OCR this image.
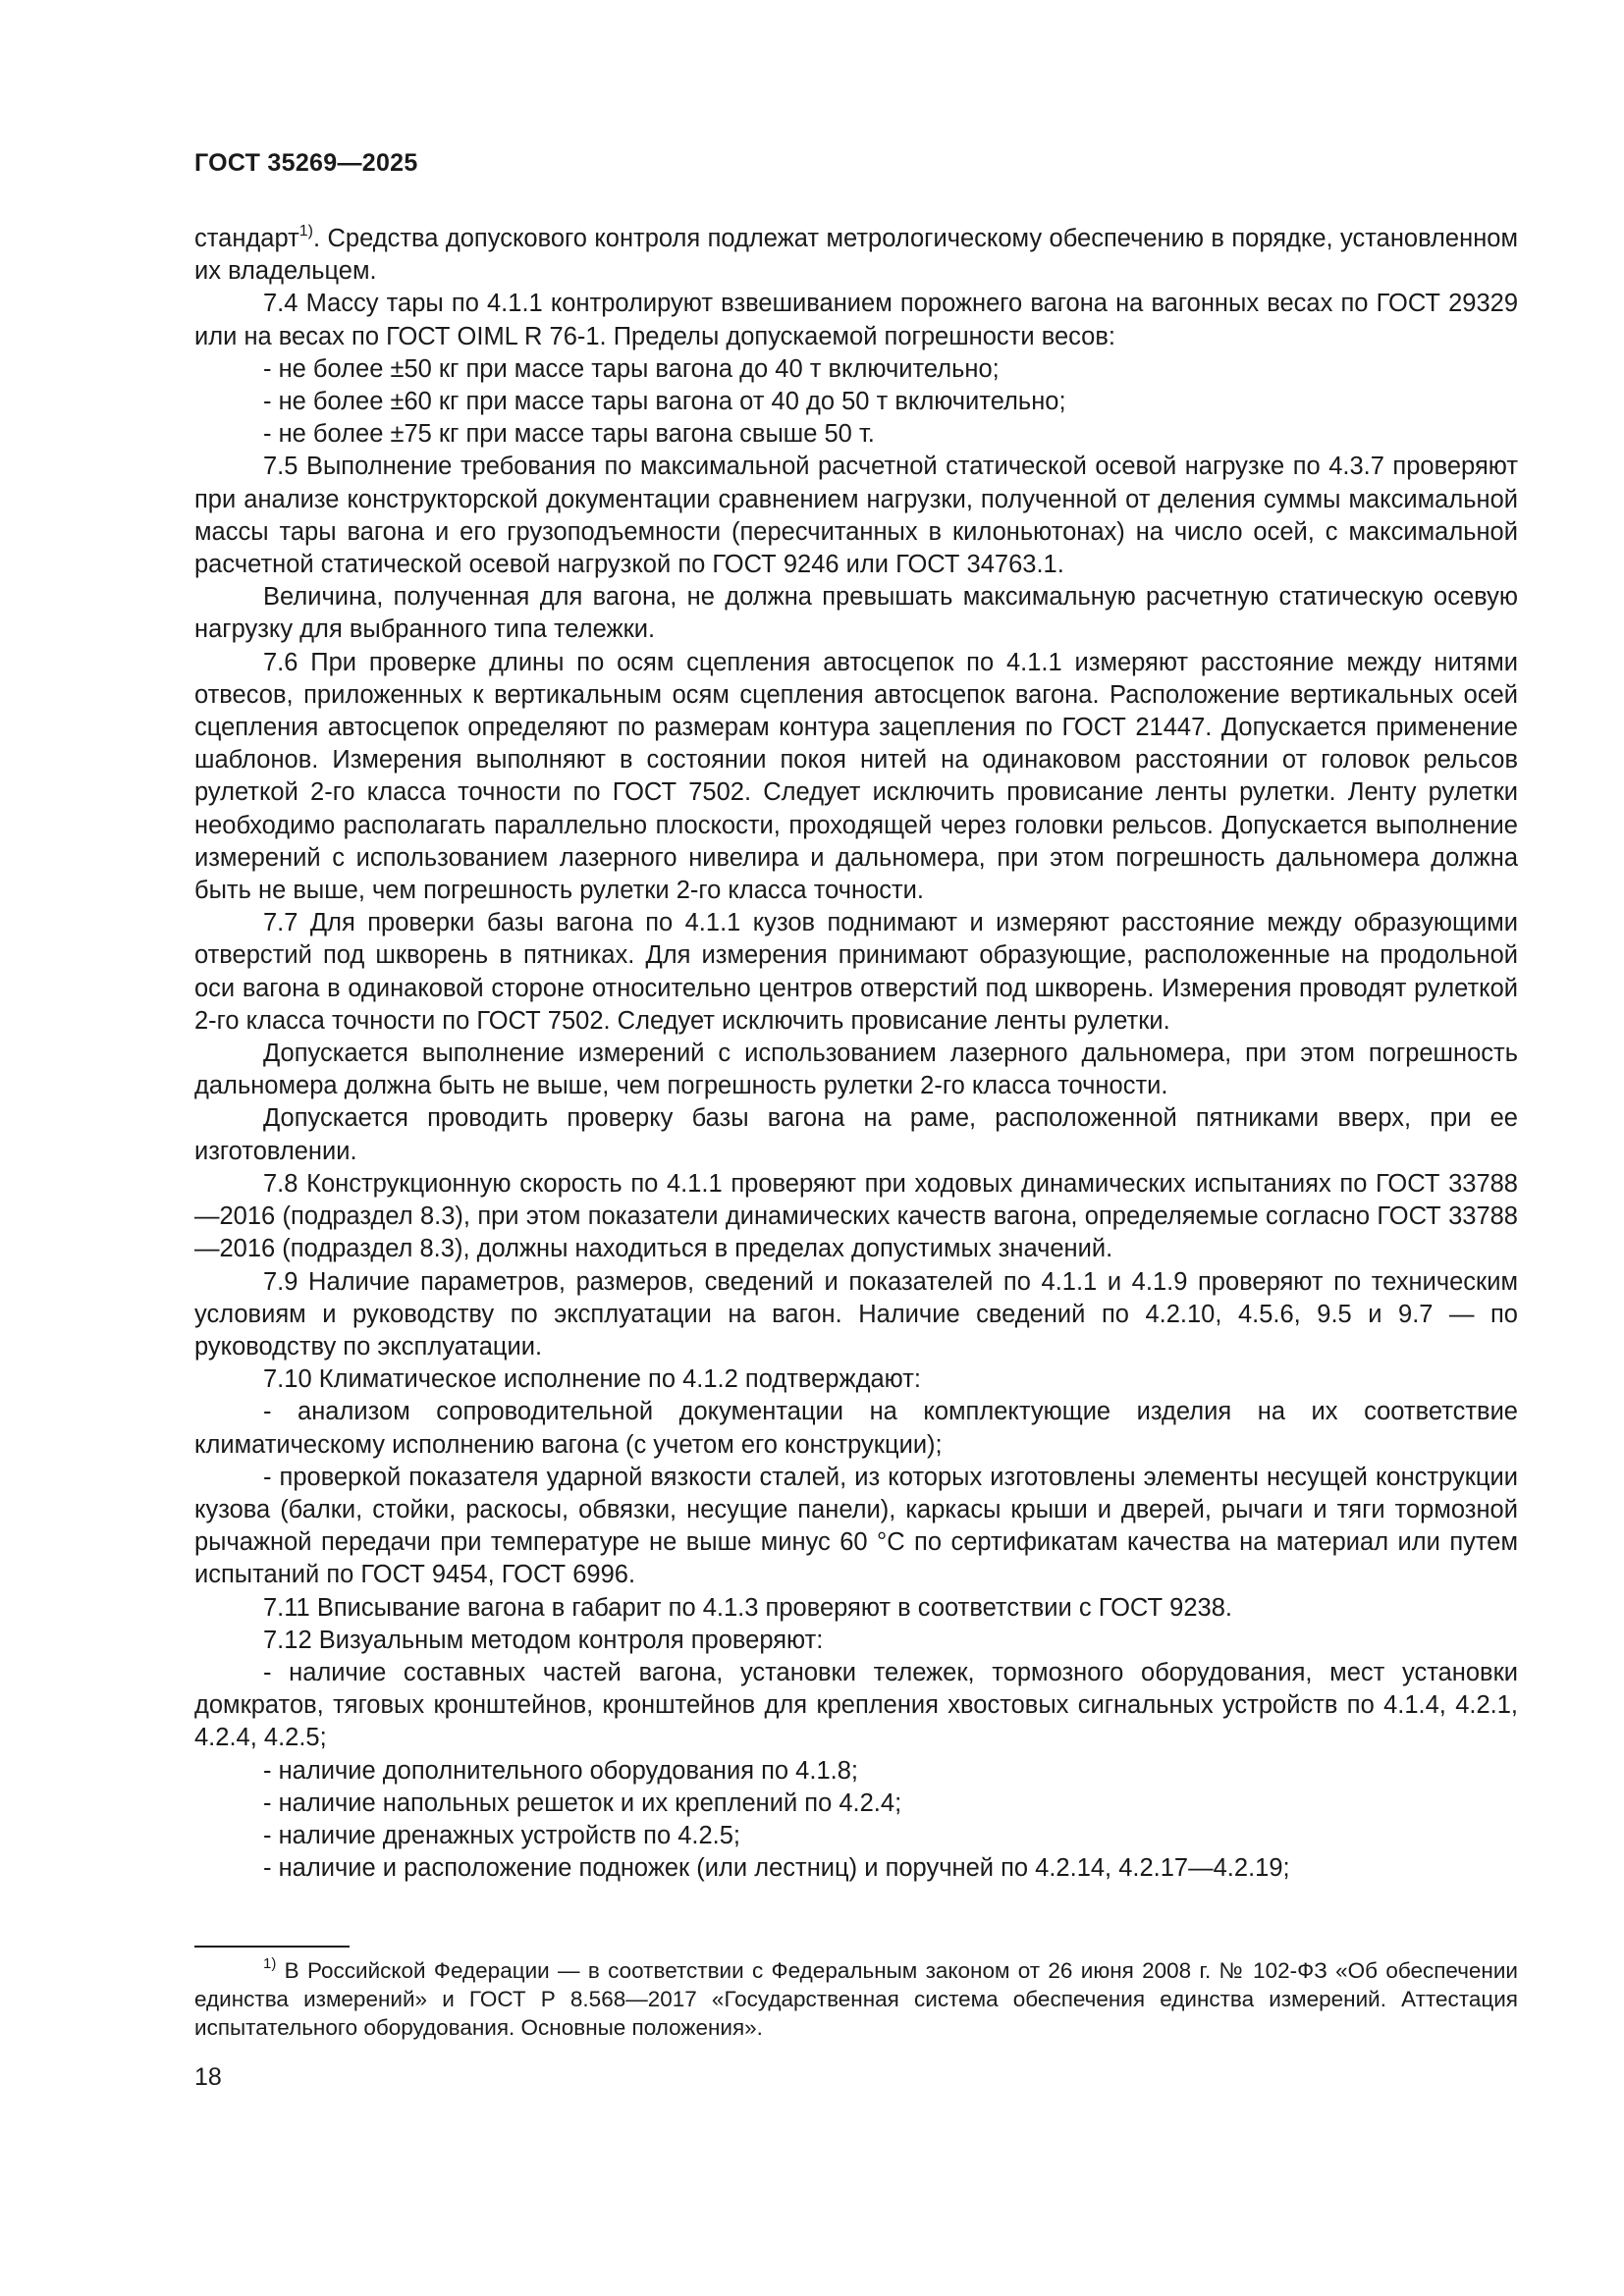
ГОСТ 35269—2025

стандарт$^{1)}$. Средства допускового контроля подлежат метрологическому обеспечению в порядке, установленном их владельцем.

7.4 Массу тары по 4.1.1 контролируют взвешиванием порожнего вагона на вагонных весах по ГОСТ 29329 или на весах по ГОСТ OIML R 76-1. Пределы допускаемой погрешности весов:

- не более ±50 кг при массе тары вагона до 40 т включительно;

- не более ±60 кг при массе тары вагона от 40 до 50 т включительно;

- не более ±75 кг при массе тары вагона свыше 50 т.

7.5 Выполнение требования по максимальной расчетной статической осевой нагрузке по 4.3.7 проверяют при анализе конструкторской документации сравнением нагрузки, полученной от деления суммы максимальной массы тары вагона и его грузоподъемности (пересчитанных в килоньютонах) на число осей, с максимальной расчетной статической осевой нагрузкой по ГОСТ 9246 или ГОСТ 34763.1.

Величина, полученная для вагона, не должна превышать максимальную расчетную статическую осевую нагрузку для выбранного типа тележки.

7.6 При проверке длины по осям сцепления автосцепок по 4.1.1 измеряют расстояние между нитями отвесов, приложенных к вертикальным осям сцепления автосцепок вагона. Расположение вертикальных осей сцепления автосцепок определяют по размерам контура зацепления по ГОСТ 21447. Допускается применение шаблонов. Измерения выполняют в состоянии покоя нитей на одинаковом расстоянии от головок рельсов рулеткой 2-го класса точности по ГОСТ 7502. Следует исключить провисание ленты рулетки. Ленту рулетки необходимо располагать параллельно плоскости, проходящей через головки рельсов. Допускается выполнение измерений с использованием лазерного нивелира и дальномера, при этом погрешность дальномера должна быть не выше, чем погрешность рулетки 2-го класса точности.

7.7 Для проверки базы вагона по 4.1.1 кузов поднимают и измеряют расстояние между образующими отверстий под шкворень в пятниках. Для измерения принимают образующие, расположенные на продольной оси вагона в одинаковой стороне относительно центров отверстий под шкворень. Измерения проводят рулеткой 2-го класса точности по ГОСТ 7502. Следует исключить провисание ленты рулетки.

Допускается выполнение измерений с использованием лазерного дальномера, при этом погрешность дальномера должна быть не выше, чем погрешность рулетки 2-го класса точности.

Допускается проводить проверку базы вагона на раме, расположенной пятниками вверх, при ее изготовлении.

7.8 Конструкционную скорость по 4.1.1 проверяют при ходовых динамических испытаниях по ГОСТ 33788—2016 (подраздел 8.3), при этом показатели динамических качеств вагона, определяемые согласно ГОСТ 33788—2016 (подраздел 8.3), должны находиться в пределах допустимых значений.

7.9 Наличие параметров, размеров, сведений и показателей по 4.1.1 и 4.1.9 проверяют по техническим условиям и руководству по эксплуатации на вагон. Наличие сведений по 4.2.10, 4.5.6, 9.5 и 9.7 — по руководству по эксплуатации.

7.10 Климатическое исполнение по 4.1.2 подтверждают:

- анализом сопроводительной документации на комплектующие изделия на их соответствие климатическому исполнению вагона (с учетом его конструкции);

- проверкой показателя ударной вязкости сталей, из которых изготовлены элементы несущей конструкции кузова (балки, стойки, раскосы, обвязки, несущие панели), каркасы крыши и дверей, рычаги и тяги тормозной рычажной передачи при температуре не выше минус 60 °С по сертификатам качества на материал или путем испытаний по ГОСТ 9454, ГОСТ 6996.

7.11 Вписывание вагона в габарит по 4.1.3 проверяют в соответствии с ГОСТ 9238.

7.12 Визуальным методом контроля проверяют:

- наличие составных частей вагона, установки тележек, тормозного оборудования, мест установки домкратов, тяговых кронштейнов, кронштейнов для крепления хвостовых сигнальных устройств по 4.1.4, 4.2.1, 4.2.4, 4.2.5;

- наличие дополнительного оборудования по 4.1.8;

- наличие напольных решеток и их креплений по 4.2.4;

- наличие дренажных устройств по 4.2.5;

- наличие и расположение подножек (или лестниц) и поручней по 4.2.14, 4.2.17—4.2.19;

$^{1)}$ В Российской Федерации — в соответствии с Федеральным законом от 26 июня 2008 г. № 102-ФЗ «Об обеспечении единства измерений» и ГОСТ Р 8.568—2017 «Государственная система обеспечения единства измерений. Аттестация испытательного оборудования. Основные положения».
18
